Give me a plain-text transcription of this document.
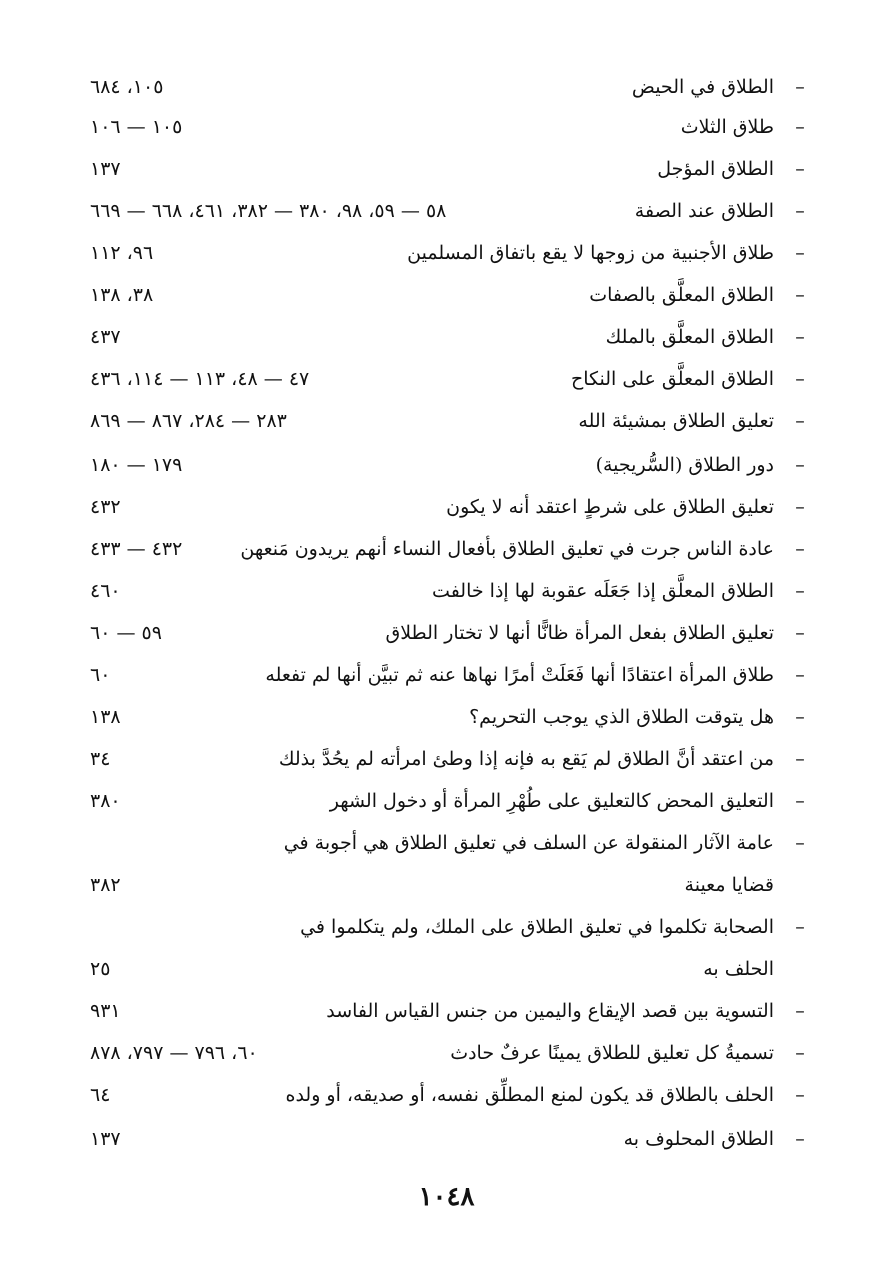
–
الطلاق في الحيض
١٠٥، ٦٨٤
–
طلاق الثلاث
١٠٥ — ١٠٦
–
الطلاق المؤجل
١٣٧
–
الطلاق عند الصفة
٥٨ — ٥٩، ٩٨، ٣٨٠ — ٣٨٢، ٤٦١، ٦٦٨ — ٦٦٩
–
طلاق الأجنبية من زوجها لا يقع باتفاق المسلمين
٩٦، ١١٢
–
الطلاق المعلَّق بالصفات
٣٨، ١٣٨
–
الطلاق المعلَّق بالملك
٤٣٧
–
الطلاق المعلَّق على النكاح
٤٧ — ٤٨، ١١٣ — ١١٤، ٤٣٦
–
تعليق الطلاق بمشيئة الله
٢٨٣ — ٢٨٤، ٨٦٧ — ٨٦٩
–
دور الطلاق (السُّريجية)
١٧٩ — ١٨٠
–
تعليق الطلاق على شرطٍ اعتقد أنه لا يكون
٤٣٢
–
عادة الناس جرت في تعليق الطلاق بأفعال النساء أنهم يريدون مَنعهن
٤٣٢ — ٤٣٣
–
الطلاق المعلَّق إذا جَعَلَه عقوبة لها إذا خالفت
٤٦٠
–
تعليق الطلاق بفعل المرأة ظانًّا أنها لا تختار الطلاق
٥٩ — ٦٠
–
طلاق المرأة اعتقادًا أنها فَعَلَتْ أمرًا نهاها عنه ثم تبيَّن أنها لم تفعله
٦٠
–
هل يتوقت الطلاق الذي يوجب التحريم؟
١٣٨
–
من اعتقد أنَّ الطلاق لم يَقع به فإنه إذا وطئ امرأته لم يحُدَّ بذلك
٣٤
–
التعليق المحض كالتعليق على طُهْرِ المرأة أو دخول الشهر
٣٨٠
–
عامة الآثار المنقولة عن السلف في تعليق الطلاق هي أجوبة في
قضايا معينة
٣٨٢
–
الصحابة تكلموا في تعليق الطلاق على الملك، ولم يتكلموا في
الحلف به
٢٥
–
التسوية بين قصد الإيقاع واليمين من جنس القياس الفاسد
٩٣١
–
تسميةُ كل تعليق للطلاق يمينًا عرفٌ حادث
٦٠، ٧٩٦ — ٧٩٧، ٨٧٨
–
الحلف بالطلاق قد يكون لمنع المطلِّق نفسه، أو صديقه، أو ولده
٦٤
–
الطلاق المحلوف به
١٣٧
١٠٤٨
